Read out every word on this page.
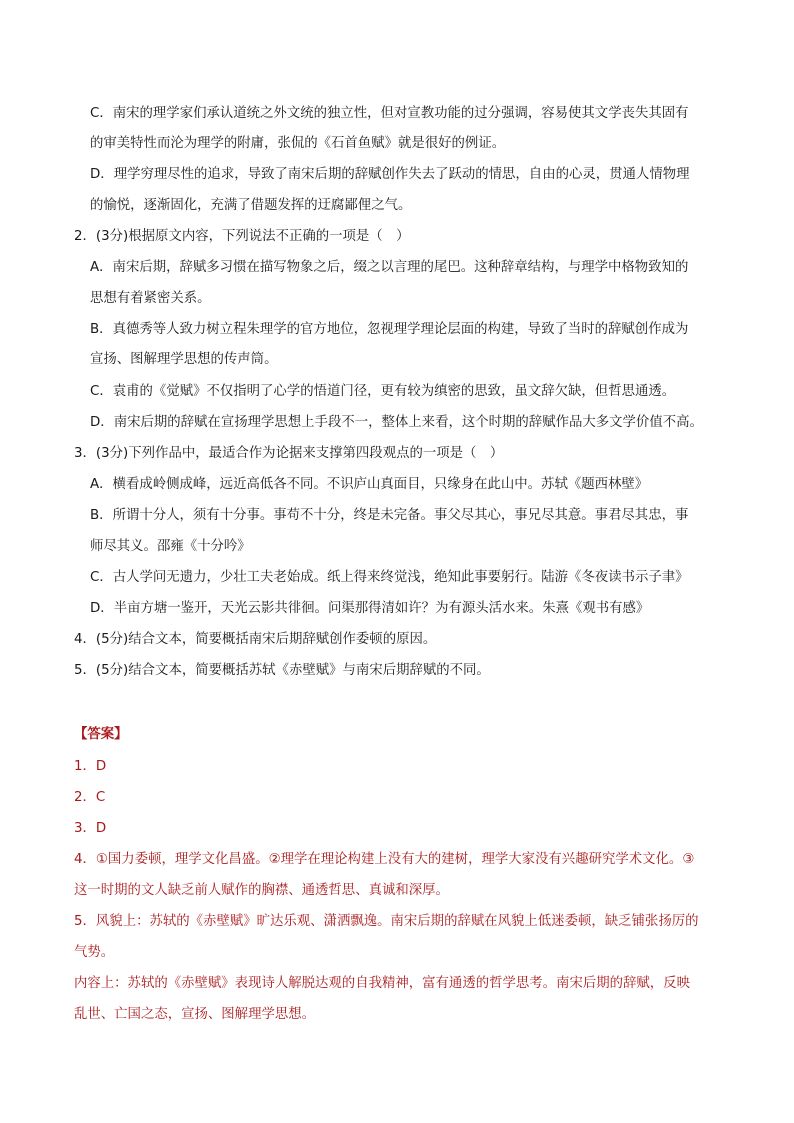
C．南宋的理学家们承认道统之外文统的独立性，但对宣教功能的过分强调，容易使其文学丧失其固有
的审美特性而沦为理学的附庸，张侃的《石首鱼赋》就是很好的例证。
D．理学穷理尽性的追求，导致了南宋后期的辞赋创作失去了跃动的情思，自由的心灵，贯通人情物理
的愉悦，逐渐固化，充满了借题发挥的迂腐鄙俚之气。
2．(3分)根据原文内容，下列说法不正确的一项是（　）
A．南宋后期，辞赋多习惯在描写物象之后，缀之以言理的尾巴。这种辞章结构，与理学中格物致知的
思想有着紧密关系。
B．真德秀等人致力树立程朱理学的官方地位，忽视理学理论层面的构建，导致了当时的辞赋创作成为
宣扬、图解理学思想的传声筒。
C．袁甫的《觉赋》不仅指明了心学的悟道门径，更有较为缜密的思致，虽文辞欠缺，但哲思通透。
D．南宋后期的辞赋在宣扬理学思想上手段不一，整体上来看，这个时期的辞赋作品大多文学价值不高。
3．(3分)下列作品中，最适合作为论据来支撑第四段观点的一项是（　）
A．横看成岭侧成峰，远近高低各不同。不识庐山真面目，只缘身在此山中。苏轼《题西林壁》
B．所谓十分人，须有十分事。事苟不十分，终是未完备。事父尽其心，事兄尽其意。事君尽其忠，事
师尽其义。邵雍《十分吟》
C．古人学问无遗力，少壮工夫老始成。纸上得来终觉浅，绝知此事要躬行。陆游《冬夜读书示子聿》
D．半亩方塘一鉴开，天光云影共徘徊。问渠那得清如许？为有源头活水来。朱熹《观书有感》
4．(5分)结合文本，简要概括南宋后期辞赋创作委顿的原因。
5．(5分)结合文本，简要概括苏轼《赤壁赋》与南宋后期辞赋的不同。
【答案】
1．D
2．C
3．D
4．①国力委顿，理学文化昌盛。②理学在理论构建上没有大的建树，理学大家没有兴趣研究学术文化。③
这一时期的文人缺乏前人赋作的胸襟、通透哲思、真诚和深厚。
5．风貌上：苏轼的《赤壁赋》旷达乐观、潇洒飘逸。南宋后期的辞赋在风貌上低迷委顿，缺乏铺张扬厉的
气势。
内容上：苏轼的《赤壁赋》表现诗人解脱达观的自我精神，富有通透的哲学思考。南宋后期的辞赋，反映
乱世、亡国之态，宣扬、图解理学思想。
